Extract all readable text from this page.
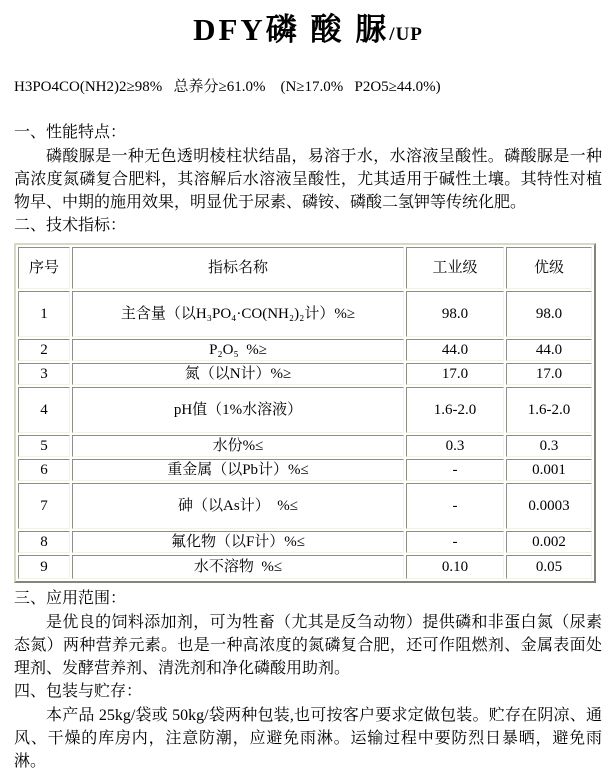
DFY磷 酸 脲/UP

H3PO4CO(NH2)2≥98%   总养分≥61.0%    (N≥17.0%   P2O5≥44.0%)

一、性能特点：

磷酸脲是一种无色透明棱柱状结晶，易溶于水，水溶液呈酸性。磷酸脲是一种高浓度氮磷复合肥料，其溶解后水溶液呈酸性，尤其适用于碱性土壤。其特性对植物早、中期的施用效果，明显优于尿素、磷铵、磷酸二氢钾等传统化肥。

二、技术指标：

序号	指标名称	工业级	优级
1	主含量（以H₃PO₄·CO(NH₂)₂计）%≥	98.0	98.0
2	P₂O₅  %≥	44.0	44.0
3	氮（以N计）%≥	17.0	17.0
4	pH值（1%水溶液）	1.6-2.0	1.6-2.0
5	水份%≤	0.3	0.3
6	重金属（以Pb计）%≤	-	0.001
7	砷（以As计）  %≤	-	0.0003
8	氟化物（以F计）%≤	-	0.002
9	水不溶物  %≤	0.10	0.05

三、应用范围：

是优良的饲料添加剂，可为牲畜（尤其是反刍动物）提供磷和非蛋白氮（尿素态氮）两种营养元素。也是一种高浓度的氮磷复合肥，还可作阻燃剂、金属表面处理剂、发酵营养剂、清洗剂和净化磷酸用助剂。

四、包装与贮存：

本产品 25kg/袋或 50kg/袋两种包装,也可按客户要求定做包装。贮存在阴凉、通风、干燥的库房内，注意防潮，应避免雨淋。运输过程中要防烈日暴晒，避免雨淋。
